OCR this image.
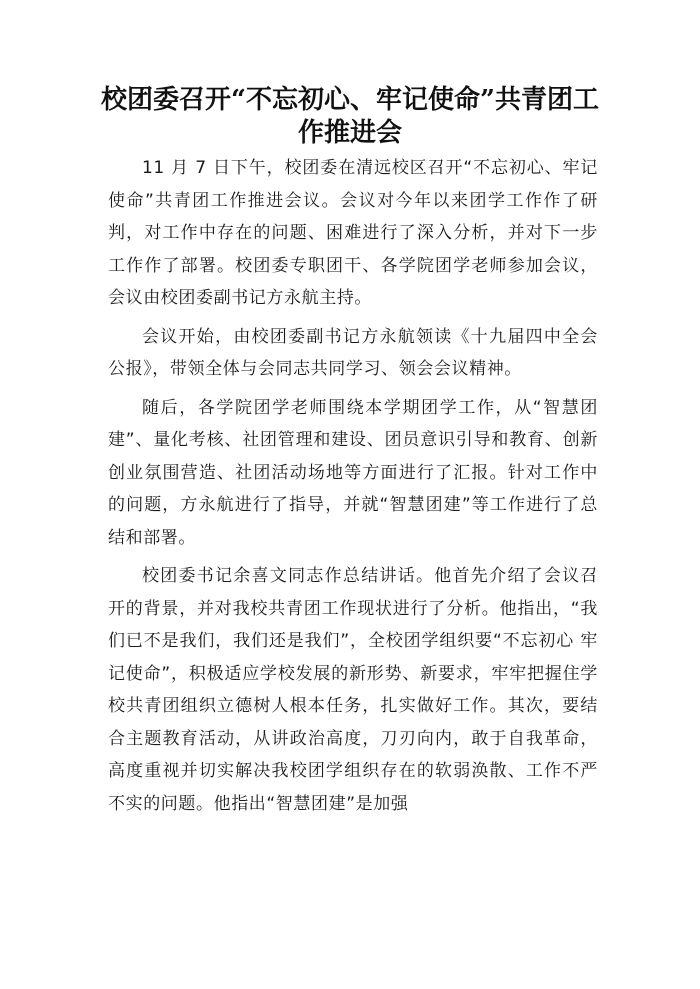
校团委召开“不忘初心、牢记使命”共青团工作推进会

11 月 7 日下午，校团委在清远校区召开“不忘初心、牢记使命”共青团工作推进会议。会议对今年以来团学工作作了研判，对工作中存在的问题、困难进行了深入分析，并对下一步工作作了部署。校团委专职团干、各学院团学老师参加会议，会议由校团委副书记方永航主持。

会议开始，由校团委副书记方永航领读《十九届四中全会公报》，带领全体与会同志共同学习、领会会议精神。

随后，各学院团学老师围绕本学期团学工作，从“智慧团建”、量化考核、社团管理和建设、团员意识引导和教育、创新创业氛围营造、社团活动场地等方面进行了汇报。针对工作中的问题，方永航进行了指导，并就“智慧团建”等工作进行了总结和部署。

校团委书记余喜文同志作总结讲话。他首先介绍了会议召开的背景，并对我校共青团工作现状进行了分析。他指出，“我们已不是我们，我们还是我们”，全校团学组织要“不忘初心 牢记使命”，积极适应学校发展的新形势、新要求，牢牢把握住学校共青团组织立德树人根本任务，扎实做好工作。其次，要结合主题教育活动，从讲政治高度，刀刃向内，敢于自我革命，高度重视并切实解决我校团学组织存在的软弱涣散、工作不严不实的问题。他指出“智慧团建”是加强
